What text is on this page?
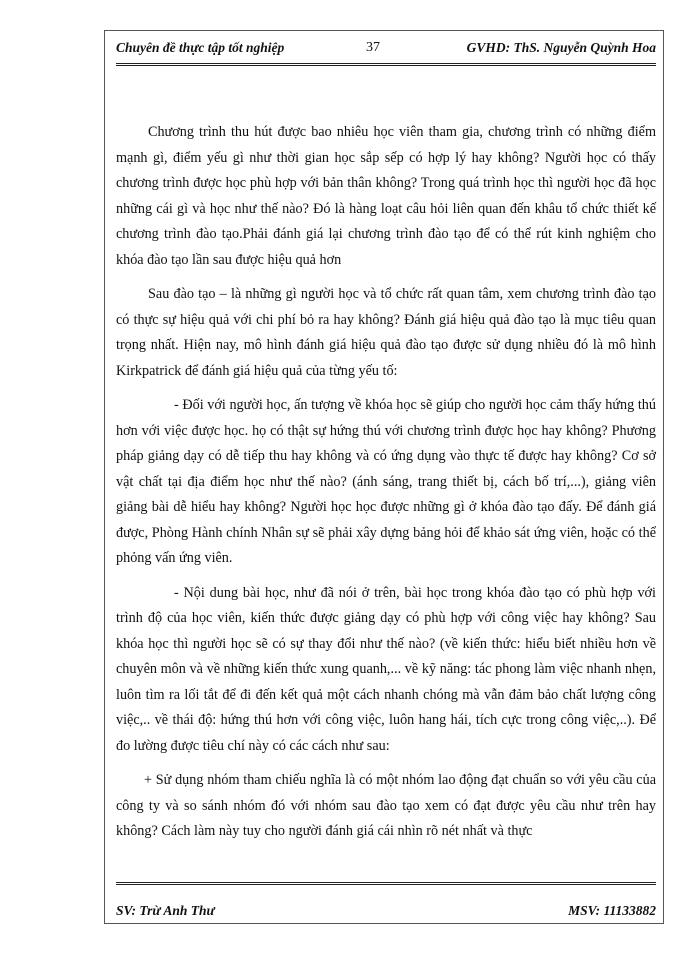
Chuyên đề thực tập tốt nghiệp	37	GVHD: ThS. Nguyễn Quỳnh Hoa

Chương trình thu hút được bao nhiêu học viên tham gia, chương trình có những điểm mạnh gì, điểm yếu gì như thời gian học sắp sếp có hợp lý hay không? Người học có thấy chương trình được học phù hợp với bản thân không? Trong quá trình học thì người học đã học những cái gì và học như thế nào? Đó là hàng loạt câu hỏi liên quan đến khâu tổ chức thiết kế chương trình đào tạo.Phải đánh giá lại chương trình đào tạo để có thể rút kinh nghiệm cho khóa đào tạo lần sau được hiệu quả hơn

Sau đào tạo – là những gì người học và tổ chức rất quan tâm, xem chương trình đào tạo có thực sự hiệu quả với chi phí bỏ ra hay không? Đánh giá hiệu quả đào tạo là mục tiêu quan trọng nhất. Hiện nay, mô hình đánh giá hiệu quả đào tạo được sử dụng nhiều đó là mô hình Kirkpatrick để đánh giá hiệu quả của từng yếu tố:

- Đối với người học, ấn tượng về khóa học sẽ giúp cho người học cảm thấy hứng thú hơn với việc được học. họ có thật sự hứng thú với chương trình được học hay không? Phương pháp giảng dạy có dễ tiếp thu hay không và có ứng dụng vào thực tế được hay không? Cơ sở vật chất tại địa điểm học như thế nào? (ánh sáng, trang thiết bị, cách bố trí,...), giảng viên giảng bài dễ hiểu hay không? Người học học được những gì ở khóa đào tạo đấy. Để đánh giá được, Phòng Hành chính Nhân sự sẽ phải xây dựng bảng hỏi để khảo sát ứng viên, hoặc có thể phỏng vấn ứng viên.

- Nội dung bài học, như đã nói ở trên, bài học trong khóa đào tạo có phù hợp với trình độ của học viên, kiến thức được giảng dạy có phù hợp với công việc hay không? Sau khóa học thì người học sẽ có sự thay đổi như thế nào? (về kiến thức: hiểu biết nhiều hơn về chuyên môn và về những kiến thức xung quanh,... về kỹ năng: tác phong làm việc nhanh nhẹn, luôn tìm ra lối tắt để đi đến kết quả một cách nhanh chóng mà vẫn đảm bảo chất lượng công việc,.. về thái độ: hứng thú hơn với công việc, luôn hang hái, tích cực trong công việc,..). Để đo lường được tiêu chí này có các cách như sau:

+ Sử dụng nhóm tham chiếu nghĩa là có một nhóm lao động đạt chuẩn so với yêu cầu của công ty và so sánh nhóm đó với nhóm sau đào tạo xem có đạt được yêu cầu như trên hay không? Cách làm này tuy cho người đánh giá cái nhìn rõ nét nhất và thực

SV: Trừ Anh Thư	MSV: 11133882
